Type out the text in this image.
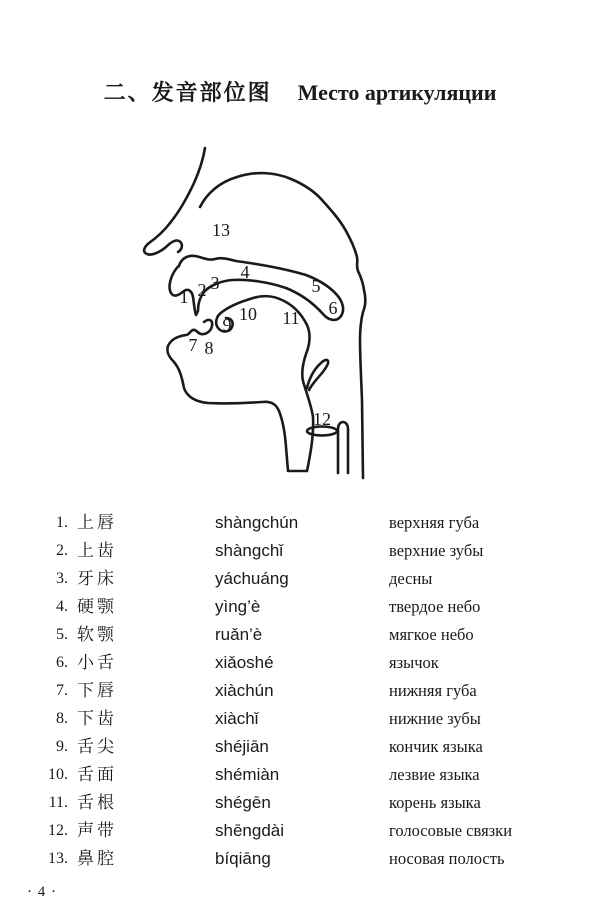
二、发音部位图 Место артикуляции
1 2 3
4
5
6
7 8
9
10 11
12
13
1. 上唇	shàngchún	верхняя губа
2. 上齿	shàngchǐ	верхние зубы
3. 牙床	yáchuáng	десны
4. 硬颚	yìng’è	твердое небо
5. 软颚	ruǎn’è	мягкое небо
6. 小舌	xiǎoshé	язычок
7. 下唇	xiàchún	нижняя губа
8. 下齿	xiàchǐ	нижние зубы
9. 舌尖	shéjiān	кончик языка
10. 舌面	shémiàn	лезвие языка
11. 舌根	shégēn	корень языка
12. 声带	shēngdài	голосовые связки
13. 鼻腔	bíqiāng	носовая полость
· 4 ·
